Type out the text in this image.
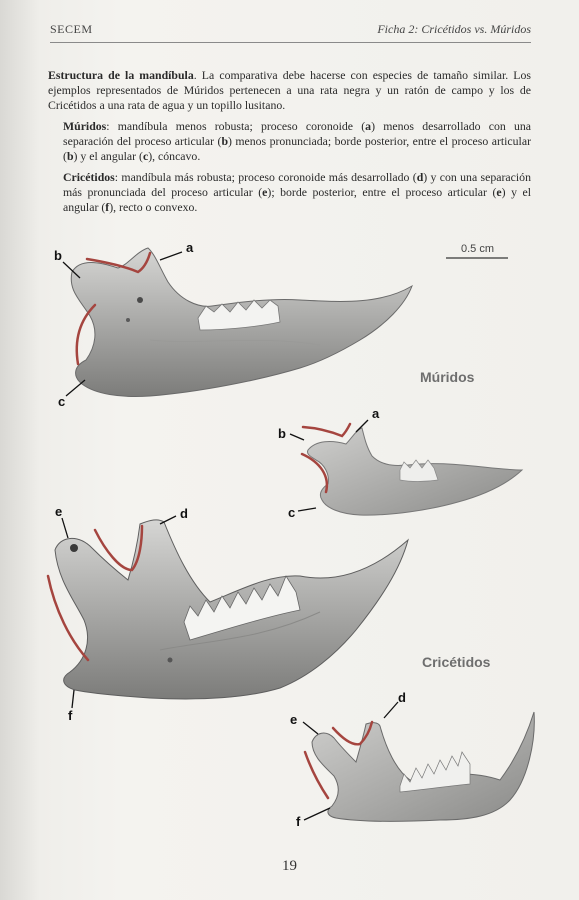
SECEM	Ficha 2: Cricétidos vs. Múridos

Estructura de la mandíbula. La comparativa debe hacerse con especies de tamaño similar. Los ejemplos representados de Múridos pertenecen a una rata negra y un ratón de campo y los de Cricétidos a una rata de agua y un topillo lusitano.

Múridos: mandíbula menos robusta; proceso coronoide (a) menos desarrollado con una separación del proceso articular (b) menos pronunciada; borde posterior, entre el proceso articular (b) y el angular (c), cóncavo.

Cricétidos: mandíbula más robusta; proceso coronoide más desarrollado (d) y con una separación más pronunciada del proceso articular (e); borde posterior, entre el proceso articular (e) y el angular (f), recto o convexo.

0.5 cm
Múridos
Cricétidos
b
a
c
b
a
c
e	d
f	e
d
f
19
